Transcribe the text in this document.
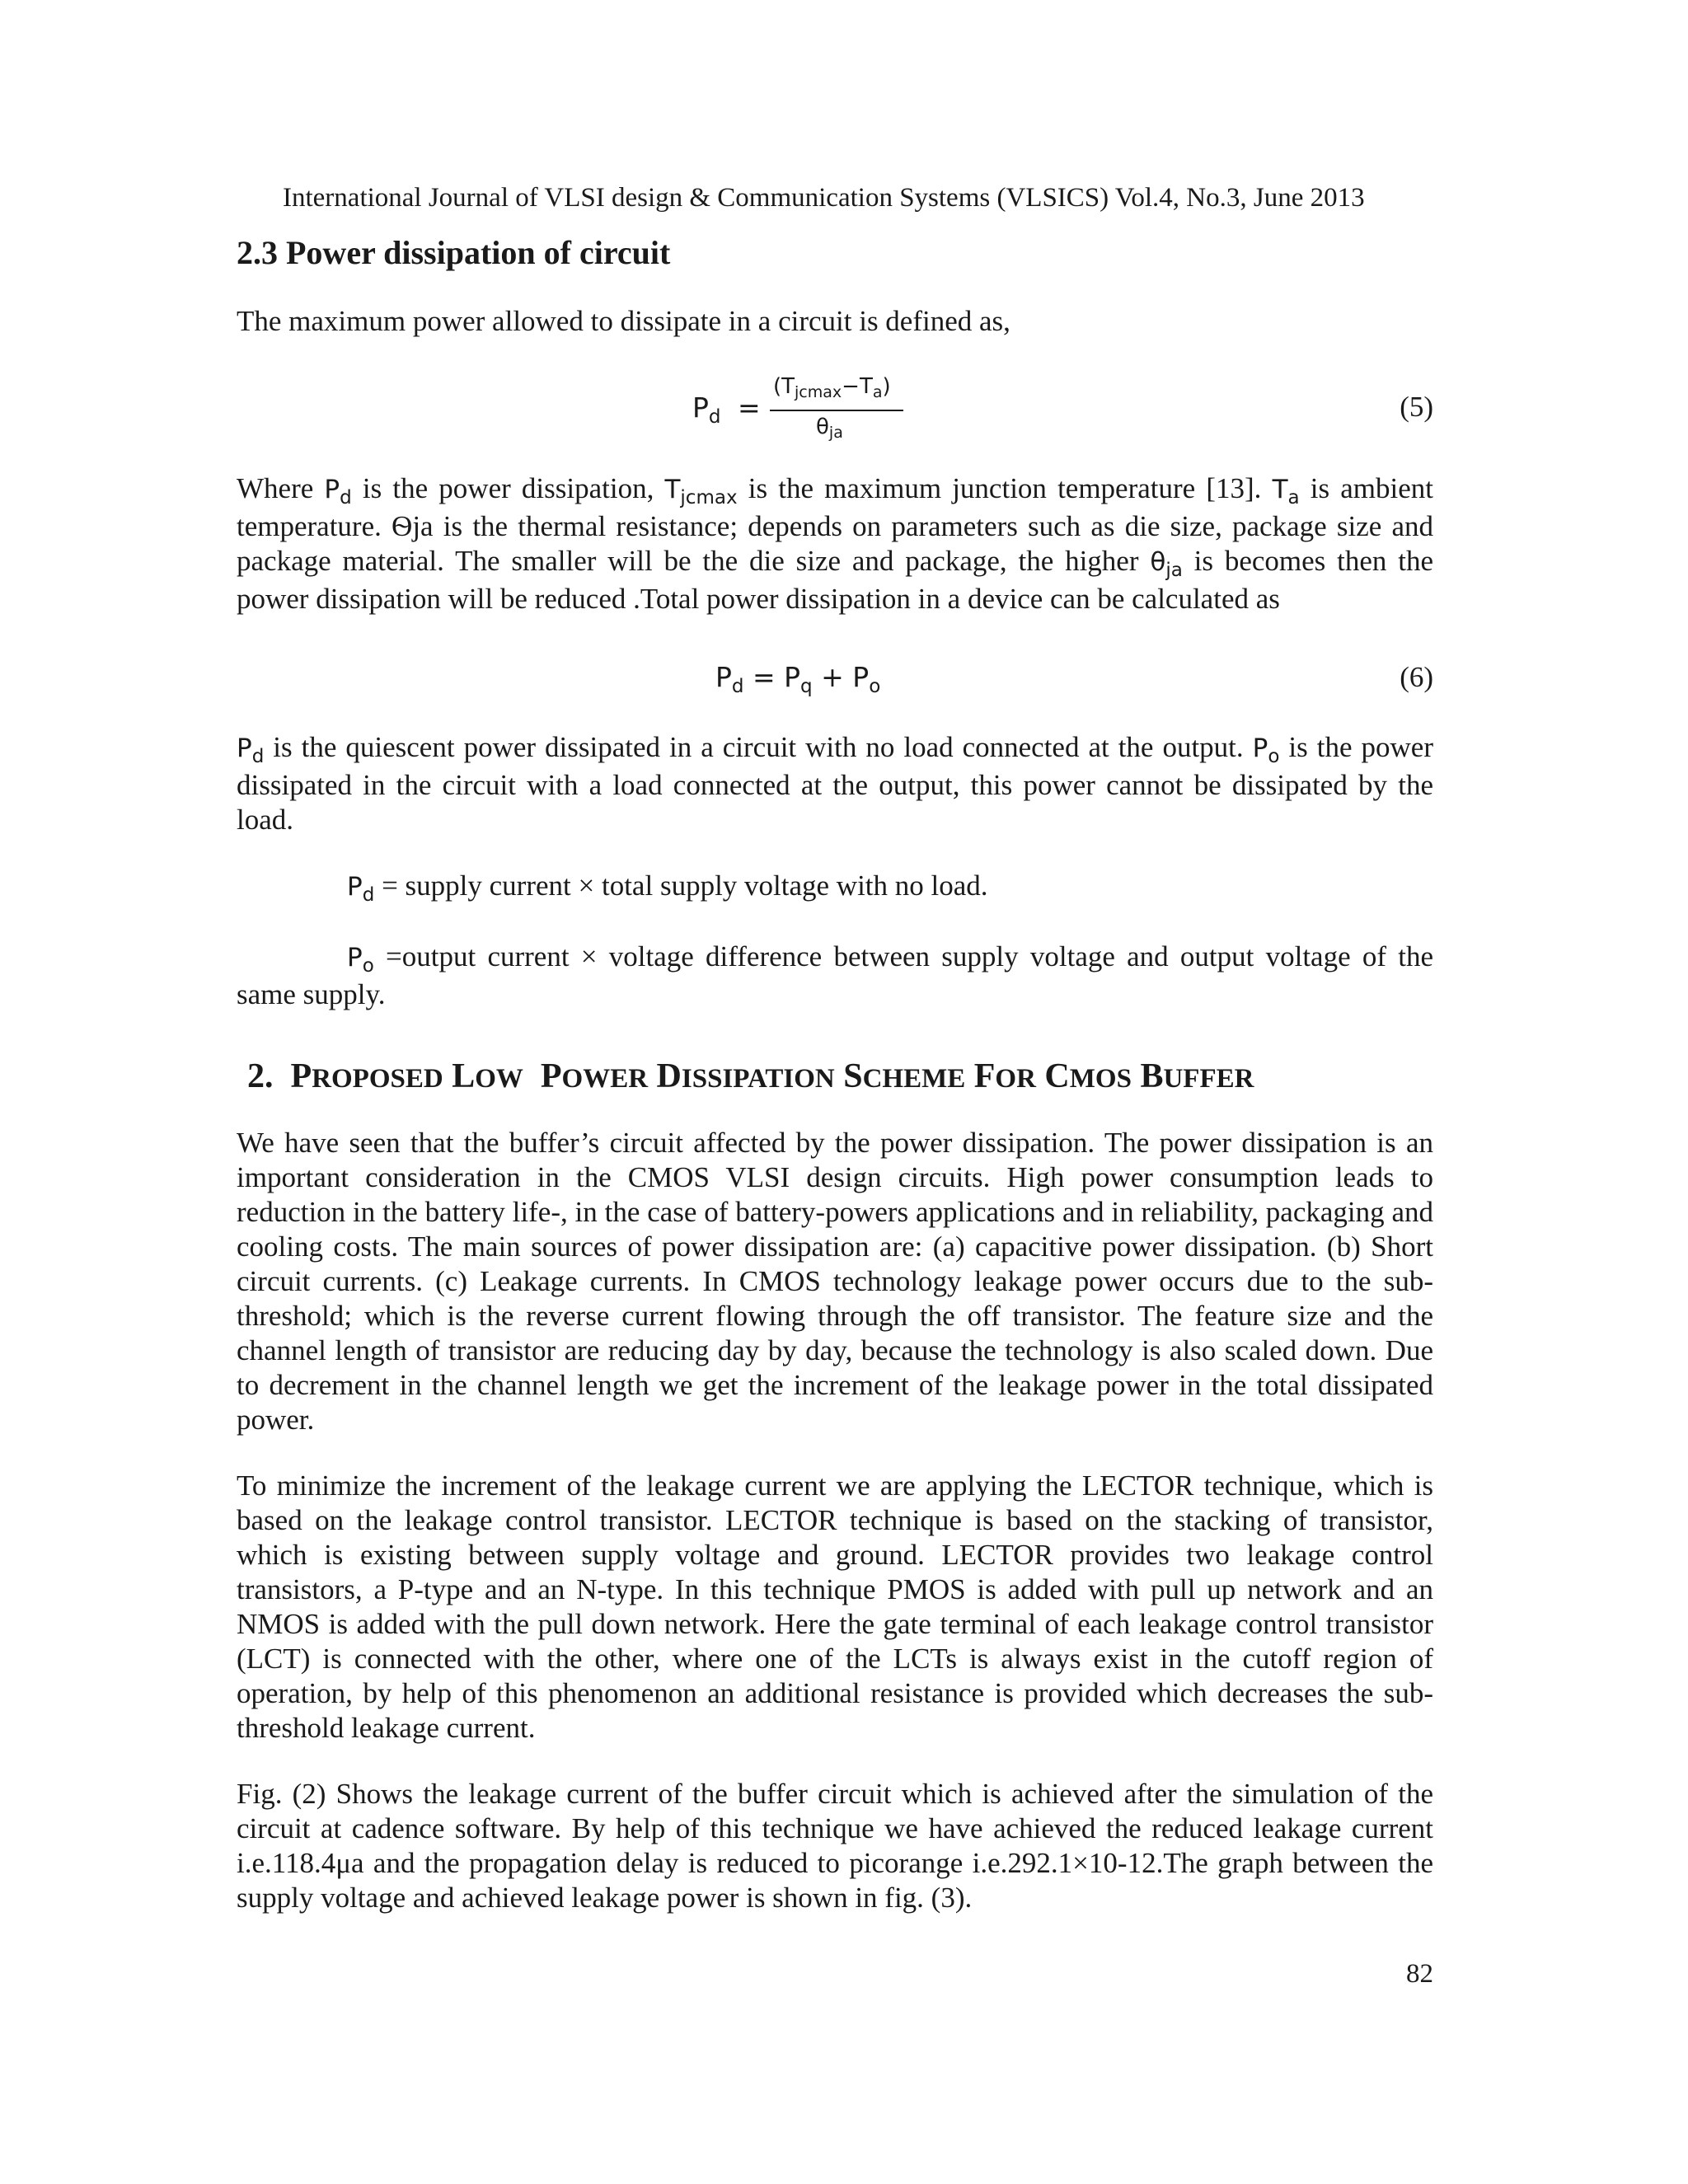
International Journal of VLSI design & Communication Systems (VLSICS) Vol.4, No.3, June 2013
2.3 Power dissipation of circuit
The maximum power allowed to dissipate in a circuit is defined as,
$P_d$ =
(Tjcmax−Ta)
θja
(5)
Where $P_d$ is the power dissipation, $T_{jcmax}$ is the maximum junction temperature [13]. $T_a$ is ambient temperature. Ѳja is the thermal resistance; depends on parameters such as die size, package size and package material. The smaller will be the die size and package, the higher $\theta_{ja}$ is becomes then the power dissipation will be reduced .Total power dissipation in a device can be calculated as
$P_d = P_q + P_o$	(6)
$P_d$ is the quiescent power dissipated in a circuit with no load connected at the output. $P_o$ is the power dissipated in the circuit with a load connected at the output, this power cannot be dissipated by the load.
$P_d$ = supply current × total supply voltage with no load.
$P_o$ =output current × voltage difference between supply voltage and output voltage of the same supply.
2. PROPOSED LOW POWER DISSIPATION SCHEME FOR CMOS BUFFER
We have seen that the buffer’s circuit affected by the power dissipation. The power dissipation is an important consideration in the CMOS VLSI design circuits. High power consumption leads to reduction in the battery life-, in the case of battery-powers applications and in reliability, packaging and cooling costs. The main sources of power dissipation are: (a) capacitive power dissipation. (b) Short circuit currents. (c) Leakage currents. In CMOS technology leakage power occurs due to the sub-threshold; which is the reverse current flowing through the off transistor. The feature size and the channel length of transistor are reducing day by day, because the technology is also scaled down. Due to decrement in the channel length we get the increment of the leakage power in the total dissipated power.
To minimize the increment of the leakage current we are applying the LECTOR technique, which is based on the leakage control transistor. LECTOR technique is based on the stacking of transistor, which is existing between supply voltage and ground. LECTOR provides two leakage control transistors, a P-type and an N-type. In this technique PMOS is added with pull up network and an NMOS is added with the pull down network. Here the gate terminal of each leakage control transistor (LCT) is connected with the other, where one of the LCTs is always exist in the cutoff region of operation, by help of this phenomenon an additional resistance is provided which decreases the sub-threshold leakage current.
Fig. (2) Shows the leakage current of the buffer circuit which is achieved after the simulation of the circuit at cadence software. By help of this technique we have achieved the reduced leakage current i.e.118.4μa and the propagation delay is reduced to picorange i.e.292.1×10-12.The graph between the supply voltage and achieved leakage power is shown in fig. (3).
82
